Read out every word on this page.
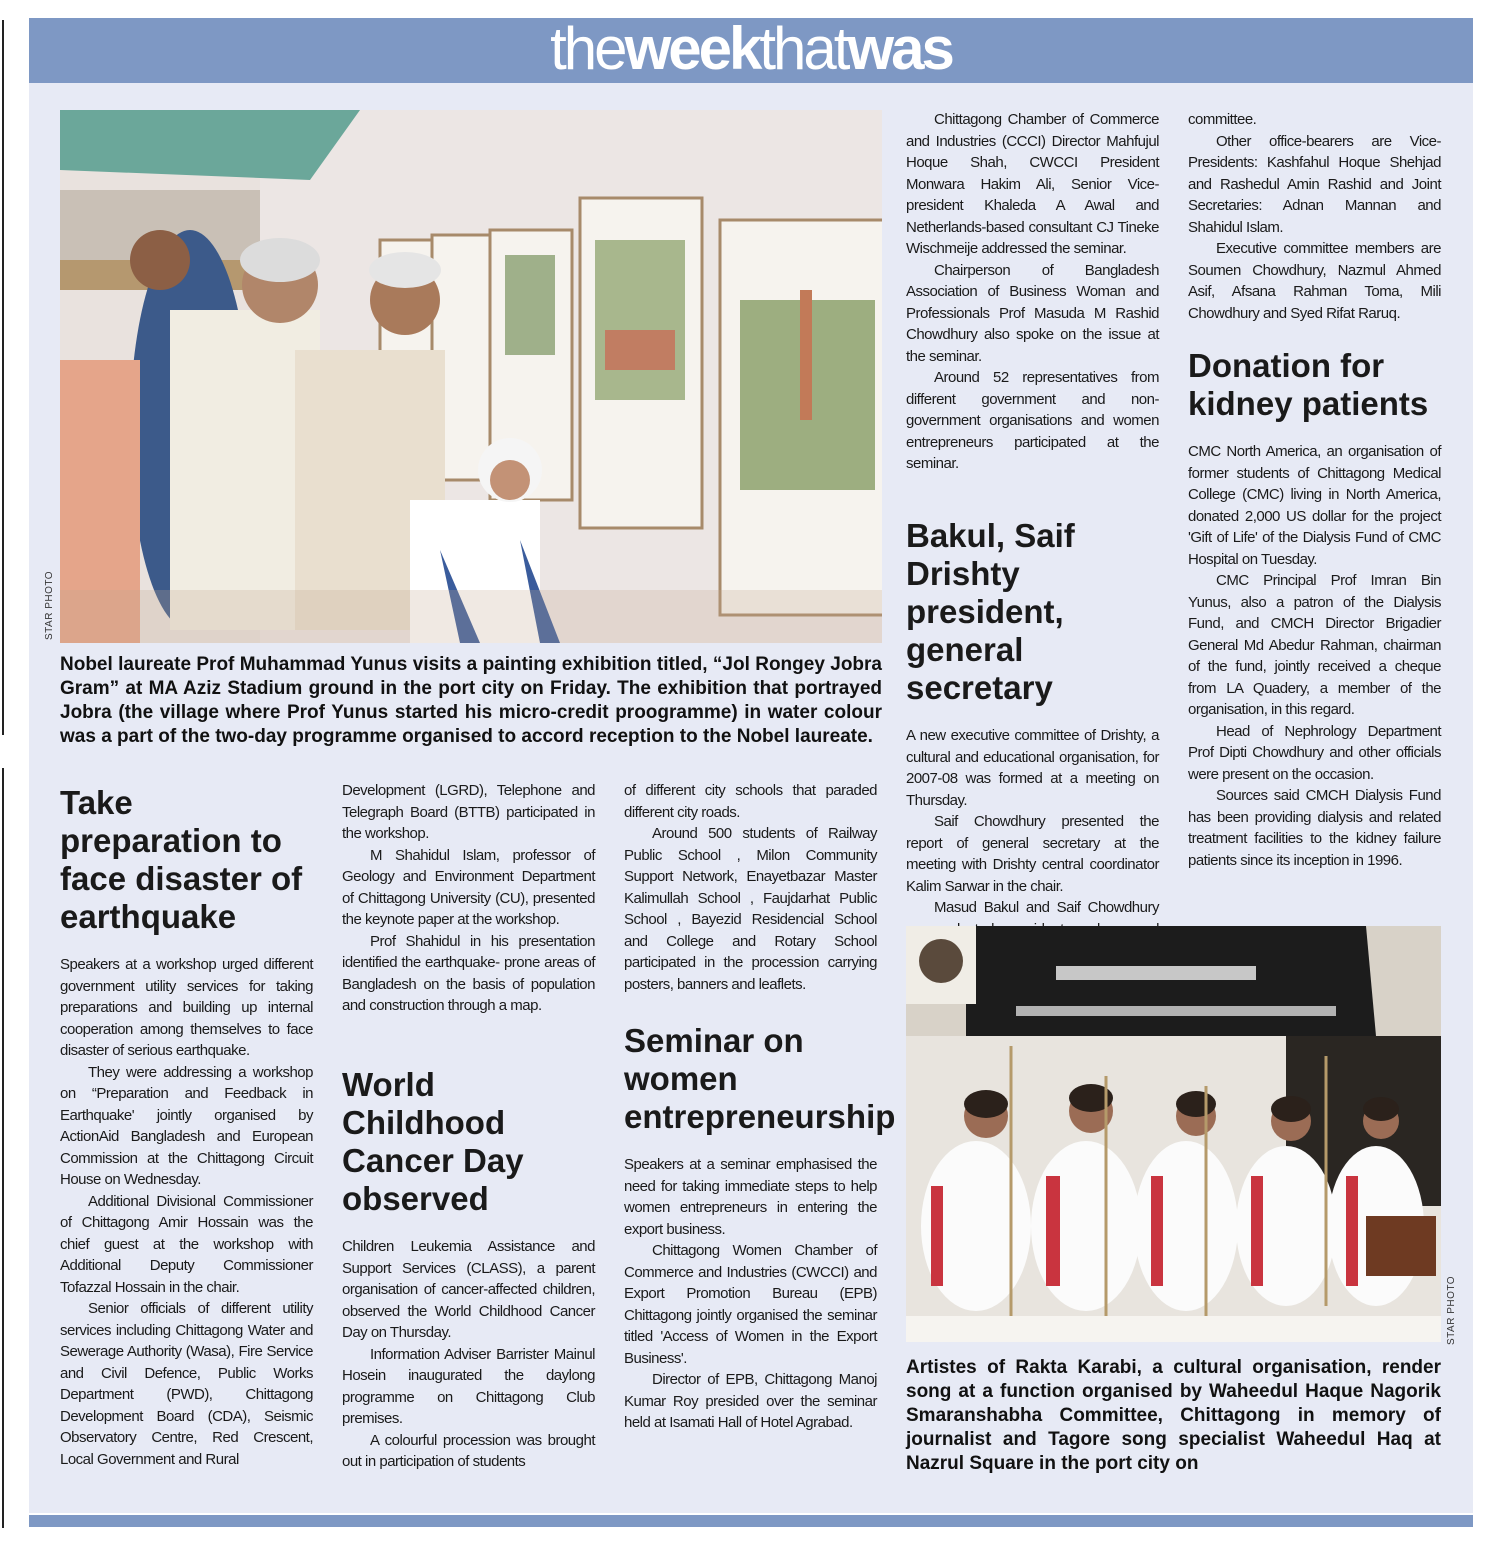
theweekthatwas
STAR PHOTO
Nobel laureate Prof Muhammad Yunus visits a painting exhibition titled, “Jol Rongey Jobra Gram” at MA Aziz Stadium ground in the port city on Friday. The exhibition that portrayed Jobra (the village where Prof Yunus started his micro-credit proogramme) in water colour was a part of the two-day programme organised to accord reception to the Nobel laureate.
Take preparation to face disaster of earthquake

Speakers at a workshop urged different government utility services for taking preparations and building up internal cooperation among themselves to face disaster of serious earthquake.

They were addressing a workshop on “Preparation and Feedback in Earthquake' jointly organised by ActionAid Bangladesh and European Commission at the Chittagong Circuit House on Wednesday.

Additional Divisional Commissioner of Chittagong Amir Hossain was the chief guest at the workshop with Additional Deputy Commissioner Tofazzal Hossain in the chair.

Senior officials of different utility services including Chittagong Water and Sewerage Authority (Wasa), Fire Service and Civil Defence, Public Works Department (PWD), Chittagong Development Board (CDA), Seismic Observatory Centre, Red Crescent, Local Government and Rural

Development (LGRD), Telephone and Telegraph Board (BTTB) participated in the workshop.

M Shahidul Islam, professor of Geology and Environment Department of Chittagong University (CU), presented the keynote paper at the workshop.

Prof Shahidul in his presentation identified the earthquake- prone areas of Bangladesh on the basis of population and construction through a map.

World Childhood Cancer Day observed

Children Leukemia Assistance and Support Services (CLASS), a parent organisation of cancer-affected children, observed the World Childhood Cancer Day on Thursday.

Information Adviser Barrister Mainul Hosein inaugurated the daylong programme on Chittagong Club premises.

A colourful procession was brought out in participation of students

of different city schools that paraded different city roads.

Around 500 students of Railway Public School , Milon Community Support Network, Enayetbazar Master Kalimullah School , Faujdarhat Public School , Bayezid Residencial School and College and Rotary School participated in the procession carrying posters, banners and leaflets.

Seminar on women entrepreneurship

Speakers at a seminar emphasised the need for taking immediate steps to help women entrepreneurs in entering the export business.

Chittagong Women Chamber of Commerce and Industries (CWCCI) and Export Promotion Bureau (EPB) Chittagong jointly organised the seminar titled 'Access of Women in the Export Business'.

Director of EPB, Chittagong Manoj Kumar Roy presided over the seminar held at Isamati Hall of Hotel Agrabad.

Chittagong Chamber of Commerce and Industries (CCCI) Director Mahfujul Hoque Shah, CWCCI President Monwara Hakim Ali, Senior Vice-president Khaleda A Awal and Netherlands-based consultant CJ Tineke Wischmeije addressed the seminar.

Chairperson of Bangladesh Association of Business Woman and Professionals Prof Masuda M Rashid Chowdhury also spoke on the issue at the seminar.

Around 52 representatives from different government and non-government organisations and women entrepreneurs participated at the seminar.

Bakul, Saif Drishty president, general secretary

A new executive committee of Drishty, a cultural and educational organisation, for 2007-08 was formed at a meeting on Thursday.

Saif Chowdhury presented the report of general secretary at the meeting with Drishty central coordinator Kalim Sarwar in the chair.

Masud Bakul and Saif Chowdhury

committee.

Other office-bearers are Vice-Presidents: Kashfahul Hoque Shehjad and Rashedul Amin Rashid and Joint Secretaries: Adnan Mannan and Shahidul Islam.

Executive committee members are Soumen Chowdhury, Nazmul Ahmed Asif, Afsana Rahman Toma, Mili Chowdhury and Syed Rifat Raruq.

Donation for kidney patients

CMC North America, an organisation of former students of Chittagong Medical College (CMC) living in North America, donated 2,000 US dollar for the project 'Gift of Life' of the Dialysis Fund of CMC Hospital on Tuesday.

CMC Principal Prof Imran Bin Yunus, also a patron of the Dialysis Fund, and CMCH Director Brigadier General Md Abedur Rahman, chairman of the fund, jointly received a cheque from LA Quadery, a member of the organisation, in this regard.

Head of Nephrology Department Prof Dipti Chowdhury and other officials were present on the occasion.

Sources said CMCH Dialysis Fund has been providing dialysis and related treatment facilities to the kidney failure patients since its inception in 1996.

STAR PHOTO
Artistes of Rakta Karabi, a cultural organisation, render song at a function organised by Waheedul Haque Nagorik Smaranshabha Committee, Chittagong in memory of journalist and Tagore song specialist Waheedul Haq at Nazrul Square in the port city on
